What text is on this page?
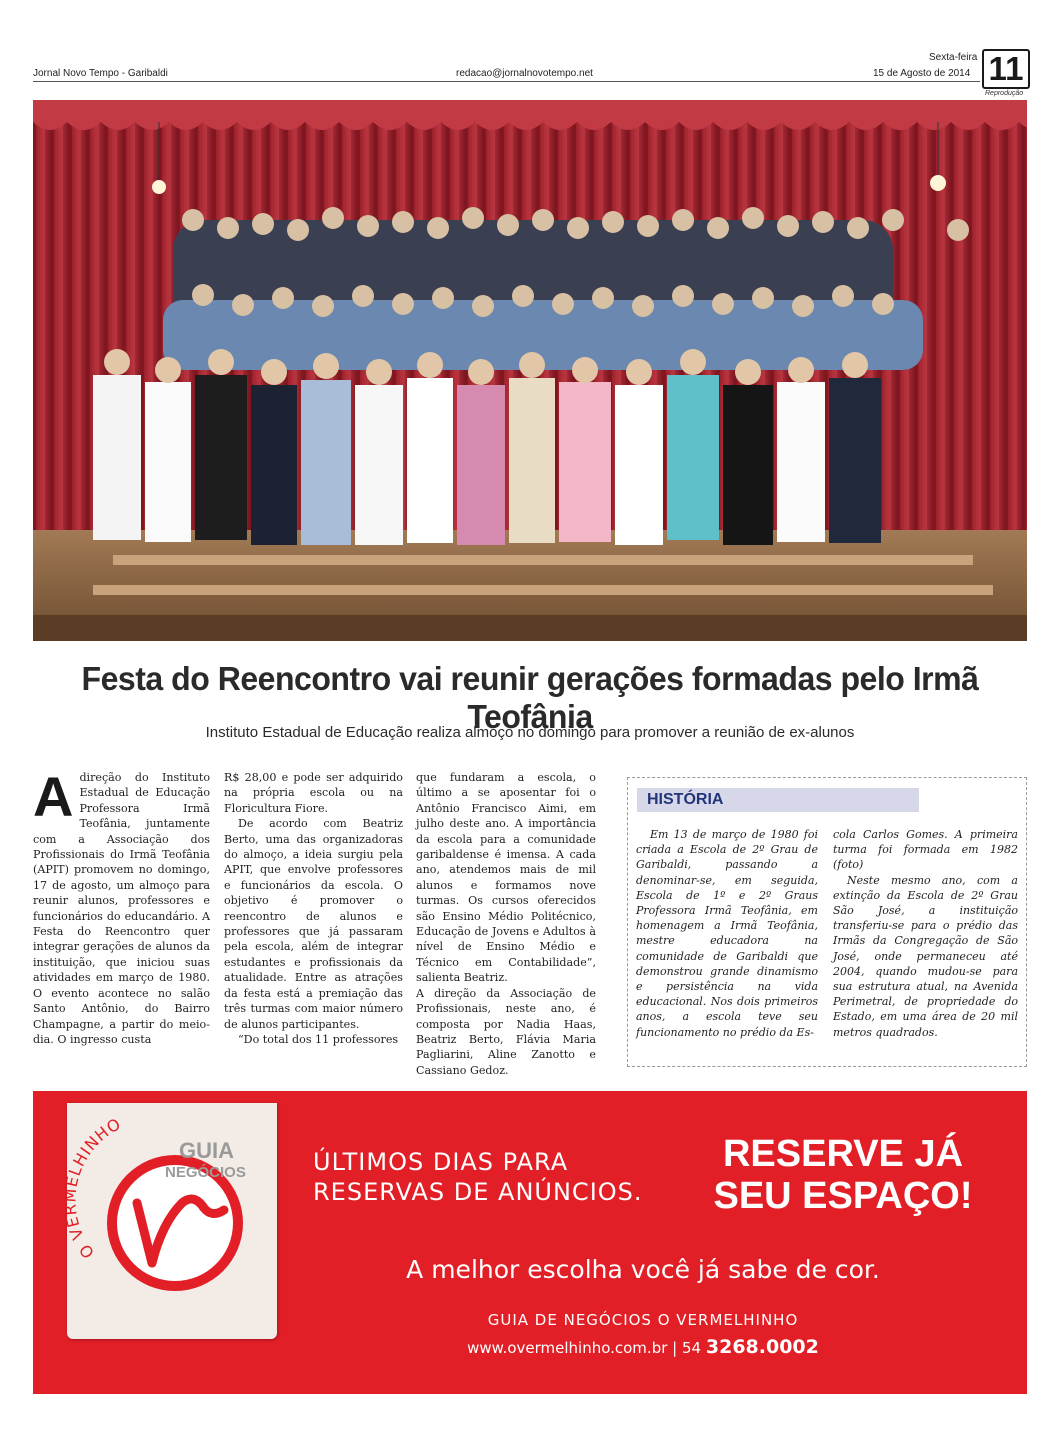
Jornal Novo Tempo - Garibaldi	redacao@jornalnovotempo.net
Sexta-feira
15 de Agosto de 2014 11
Reprodução
Festa do Reencontro vai reunir gerações formadas pelo Irmã Teofânia
Instituto Estadual de Educação realiza almoço no domingo para promover a reunião de ex-alunos

Adireção do Instituto Estadual de Educação Professora Irmã Teofânia, juntamente com a Associação dos Profissionais do Irmã Teofânia (APIT) promovem no domingo, 17 de agosto, um almoço para reunir alunos, professores e funcionários do educandário. A Festa do Reencontro quer integrar gerações de alunos da instituição, que iniciou suas atividades em março de 1980. O evento acontece no salão Santo Antônio, do Bairro Champagne, a partir do meio-dia. O ingresso custa

R$ 28,00 e pode ser adquirido na própria escola ou na Floricultura Fiore.

De acordo com Beatriz Berto, uma das organizadoras do almoço, a ideia surgiu pela APIT, que envolve professores e funcionários da escola. O objetivo é promover o reencontro de alunos e professores que já passaram pela escola, além de integrar estudantes e profissionais da atualidade. Entre as atrações da festa está a premiação das três turmas com maior número de alunos participantes.

“Do total dos 11 professores

que fundaram a escola, o último a se aposentar foi o Antônio Francisco Aimi, em julho deste ano. A importância da escola para a comunidade garibaldense é imensa. A cada ano, atendemos mais de mil alunos e formamos nove turmas. Os cursos oferecidos são Ensino Médio Politécnico, Educação de Jovens e Adultos à nível de Ensino Médio e Técnico em Contabilidade”, salienta Beatriz.

A direção da Associação de Profissionais, neste ano, é composta por Nadia Haas, Beatriz Berto, Flávia Maria Pagliarini, Aline Zanotto e Cassiano Gedoz.

HISTÓRIA

Em 13 de março de 1980 foi criada a Escola de 2º Grau de Garibaldi, passando a denominar-se, em seguida, Escola de 1º e 2º Graus Professora Irmã Teofânia, em homenagem a Irmã Teofânia, mestre educadora na comunidade de Garibaldi que demonstrou grande dinamismo e persistência na vida educacional. Nos dois primeiros anos, a escola teve seu funcionamento no prédio da Es-

cola Carlos Gomes. A primeira turma foi formada em 1982 (foto)

Neste mesmo ano, com a extinção da Escola de 2º Grau São José, a instituição transferiu-se para o prédio das Irmãs da Congregação de São José, onde permaneceu até 2004, quando mudou-se para sua estrutura atual, na Avenida Perimetral, de propriedade do Estado, em uma área de 20 mil metros quadrados.

O V HINHO
GUIA
NEGÓCIOS	ÚLTIMOS DIAS PARA
RESERVAS DE ANÚNCIOS.
RESERVE JÁ
SEU ESPAÇO!
A melhor escolha você já sabe de cor.
GUIA DE NEGÓCIOS O VERMELHINHO
www.overmelhinho.com.br | 54 3268.0002
